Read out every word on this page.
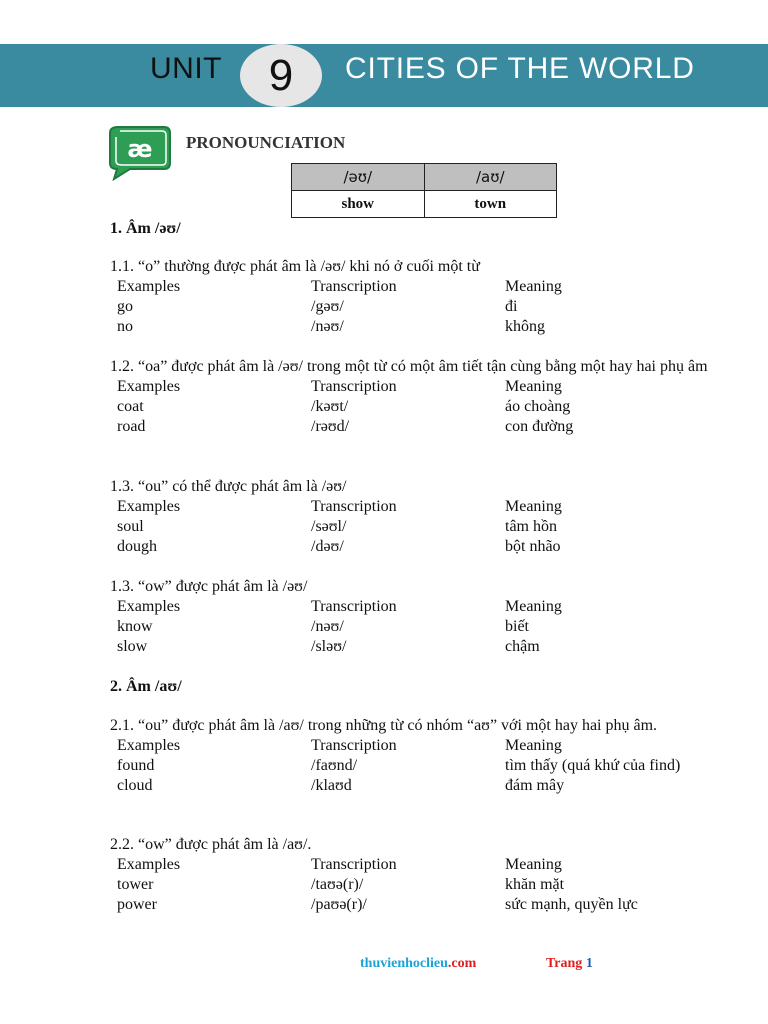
UNIT 9 CITIES OF THE WORLD
æ PRONOUNCIATION
/əʊ/	/aʊ/
show	town
1. Âm /əʊ/
1.1. “o” thường được phát âm là /əʊ/ khi nó ở cuối một từ
Examples	Transcription	Meaning
go	/gəʊ/	đi
no	/nəʊ/	không
1.2. “oa” được phát âm là /əʊ/ trong một từ có một âm tiết tận cùng bằng một hay hai phụ âm
Examples	Transcription	Meaning
coat	/kəʊt/	áo choàng
road	/rəʊd/	con đường
1.3. “ou” có thể được phát âm là /əʊ/
Examples	Transcription	Meaning
soul	/səʊl/	tâm hồn
dough	/dəʊ/	bột nhão
1.3. “ow” được phát âm là /əʊ/
Examples	Transcription	Meaning
know	/nəʊ/	biết
slow	/sləʊ/	chậm
2. Âm /aʊ/
2.1. “ou” được phát âm là /aʊ/ trong những từ có nhóm “aʊ” với một hay hai phụ âm.
Examples	Transcription	Meaning
found	/faʊnd/	tìm thấy (quá khứ của find)
cloud	/klaʊd	đám mây
2.2. “ow” được phát âm là /aʊ/.
Examples	Transcription	Meaning
tower	/taʊə(r)/	khăn mặt
power	/paʊə(r)/	sức mạnh, quyền lực
thuvienhoclieu.com	Trang 1
